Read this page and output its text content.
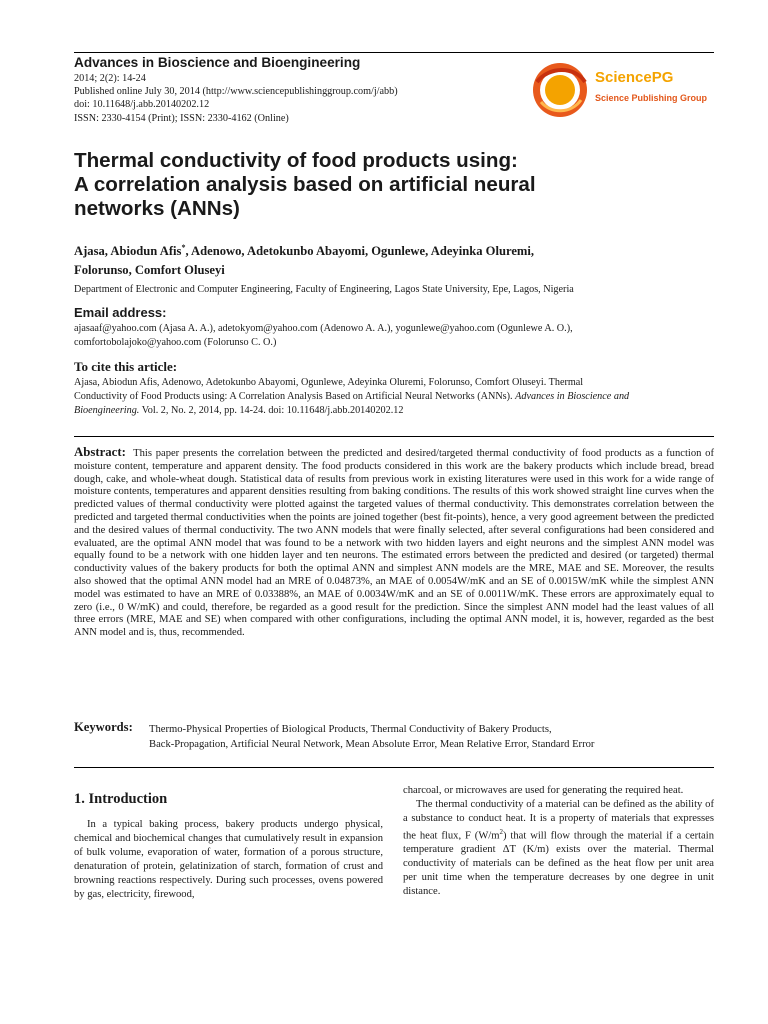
Advances in Bioscience and Bioengineering
2014; 2(2): 14-24
Published online July 30, 2014 (http://www.sciencepublishinggroup.com/j/abb)
doi: 10.11648/j.abb.20140202.12
ISSN: 2330-4154 (Print); ISSN: 2330-4162 (Online)
SciencePG
Science Publishing Group
Thermal conductivity of food products using:
A correlation analysis based on artificial neural
networks (ANNs)
Ajasa, Abiodun Afis*, Adenowo, Adetokunbo Abayomi, Ogunlewe, Adeyinka Oluremi,
Folorunso, Comfort Oluseyi
Department of Electronic and Computer Engineering, Faculty of Engineering, Lagos State University, Epe, Lagos, Nigeria
Email address:
ajasaaf@yahoo.com (Ajasa A. A.), adetokyom@yahoo.com (Adenowo A. A.), yogunlewe@yahoo.com (Ogunlewe A. O.),
comfortobolajoko@yahoo.com (Folorunso C. O.)
To cite this article:
Ajasa, Abiodun Afis, Adenowo, Adetokunbo Abayomi, Ogunlewe, Adeyinka Oluremi, Folorunso, Comfort Oluseyi. Thermal
Conductivity of Food Products using: A Correlation Analysis Based on Artificial Neural Networks (ANNs). Advances in Bioscience and
Bioengineering. Vol. 2, No. 2, 2014, pp. 14-24. doi: 10.11648/j.abb.20140202.12
Abstract: This paper presents the correlation between the predicted and desired/targeted thermal conductivity of food products as a function of moisture content, temperature and apparent density. The food products considered in this work are the bakery products which include bread, bread dough, cake, and whole-wheat dough. Statistical data of results from previous work in existing literatures were used in this work for a wide range of moisture contents, temperatures and apparent densities resulting from baking conditions. The results of this work showed straight line curves when the predicted values of thermal conductivity were plotted against the targeted values of thermal conductivity. This demonstrates correlation between the predicted and targeted thermal conductivities when the points are joined together (best fit-points), hence, a very good agreement between the predicted and the desired values of thermal conductivity. The two ANN models that were finally selected, after several configurations had been considered and evaluated, are the optimal ANN model that was found to be a network with two hidden layers and eight neurons and the simplest ANN model was equally found to be a network with one hidden layer and ten neurons. The estimated errors between the predicted and desired (or targeted) thermal conductivity values of the bakery products for both the optimal ANN and simplest ANN models are the MRE, MAE and SE. Moreover, the results also showed that the optimal ANN model had an MRE of 0.04873%, an MAE of 0.0054W/mK and an SE of 0.0015W/mK while the simplest ANN model was estimated to have an MRE of 0.03388%, an MAE of 0.0034W/mK and an SE of 0.0011W/mK. These errors are approximately equal to zero (i.e., 0 W/mK) and could, therefore, be regarded as a good result for the prediction. Since the simplest ANN model had the least values of all three errors (MRE, MAE and SE) when compared with other configurations, including the optimal ANN model, it is, however, regarded as the best ANN model and is, thus, recommended.
Keywords: Thermo-Physical Properties of Biological Products, Thermal Conductivity of Bakery Products,
Back-Propagation, Artificial Neural Network, Mean Absolute Error, Mean Relative Error, Standard Error
1. Introduction

In a typical baking process, bakery products undergo physical, chemical and biochemical changes that cumulatively result in expansion of bulk volume, evaporation of water, formation of a porous structure, denaturation of protein, gelatinization of starch, formation of crust and browning reactions respectively. During such processes, ovens powered by gas, electricity, firewood,

charcoal, or microwaves are used for generating the required heat.

The thermal conductivity of a material can be defined as the ability of a substance to conduct heat. It is a property of materials that expresses the heat flux, F $(W/m^2)$ that will flow through the material if a certain temperature gradient ΔT (K/m) exists over the material. Thermal conductivity of materials can be defined as the heat flow per unit area per unit time when the temperature decreases by one degree in unit distance.
